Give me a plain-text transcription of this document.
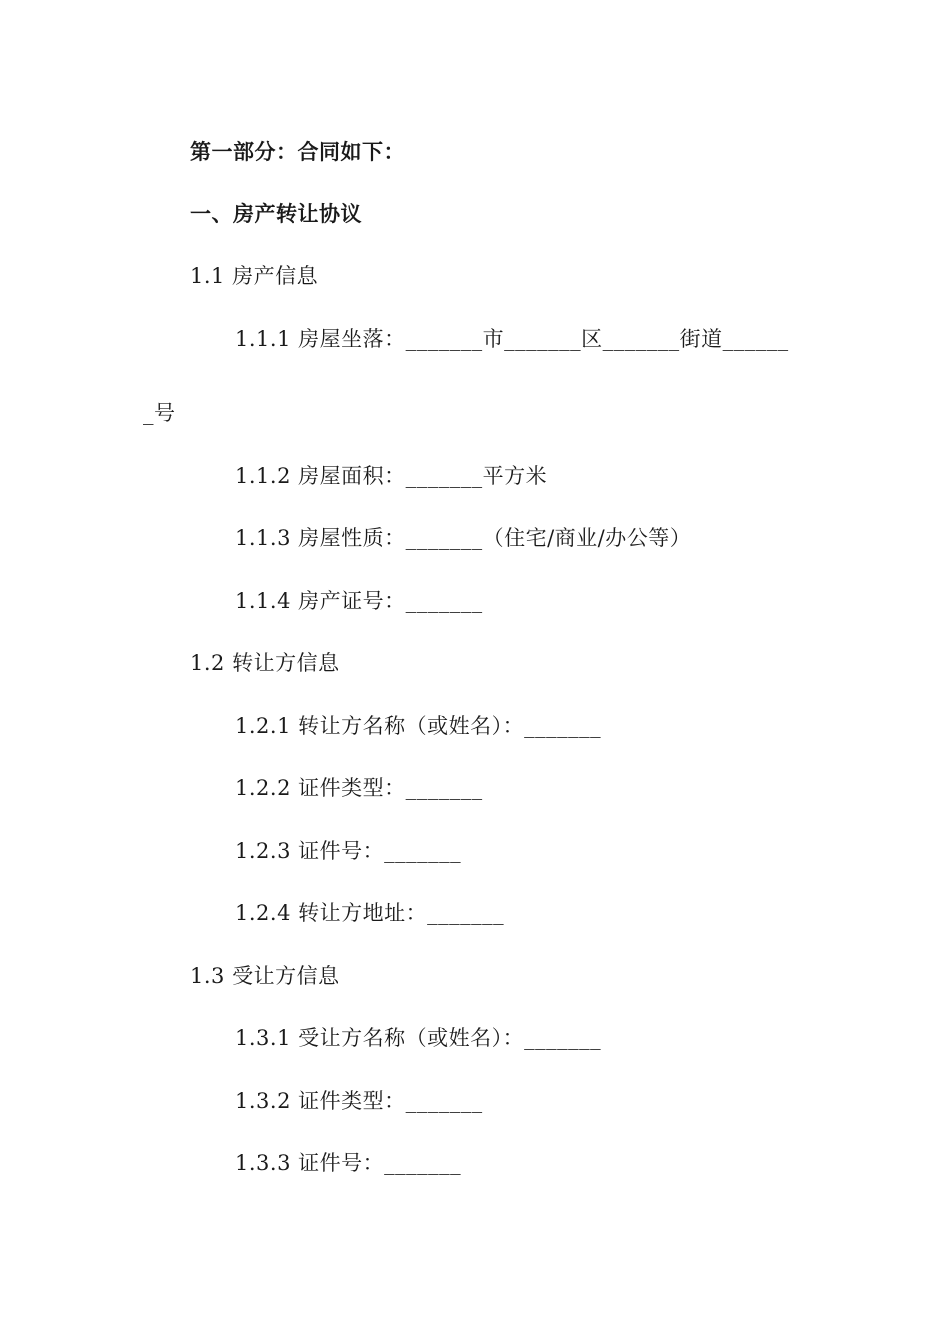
第一部分：合同如下：
一、房产转让协议
1.1 房产信息
1.1.1 房屋坐落：_______市_______区_______街道______
_号
1.1.2 房屋面积：_______平方米
1.1.3 房屋性质：_______（住宅/商业/办公等）
1.1.4 房产证号：_______
1.2 转让方信息
1.2.1 转让方名称（或姓名）：_______
1.2.2 证件类型：_______
1.2.3 证件号：_______
1.2.4 转让方地址：_______
1.3 受让方信息
1.3.1 受让方名称（或姓名）：_______
1.3.2 证件类型：_______
1.3.3 证件号：_______
